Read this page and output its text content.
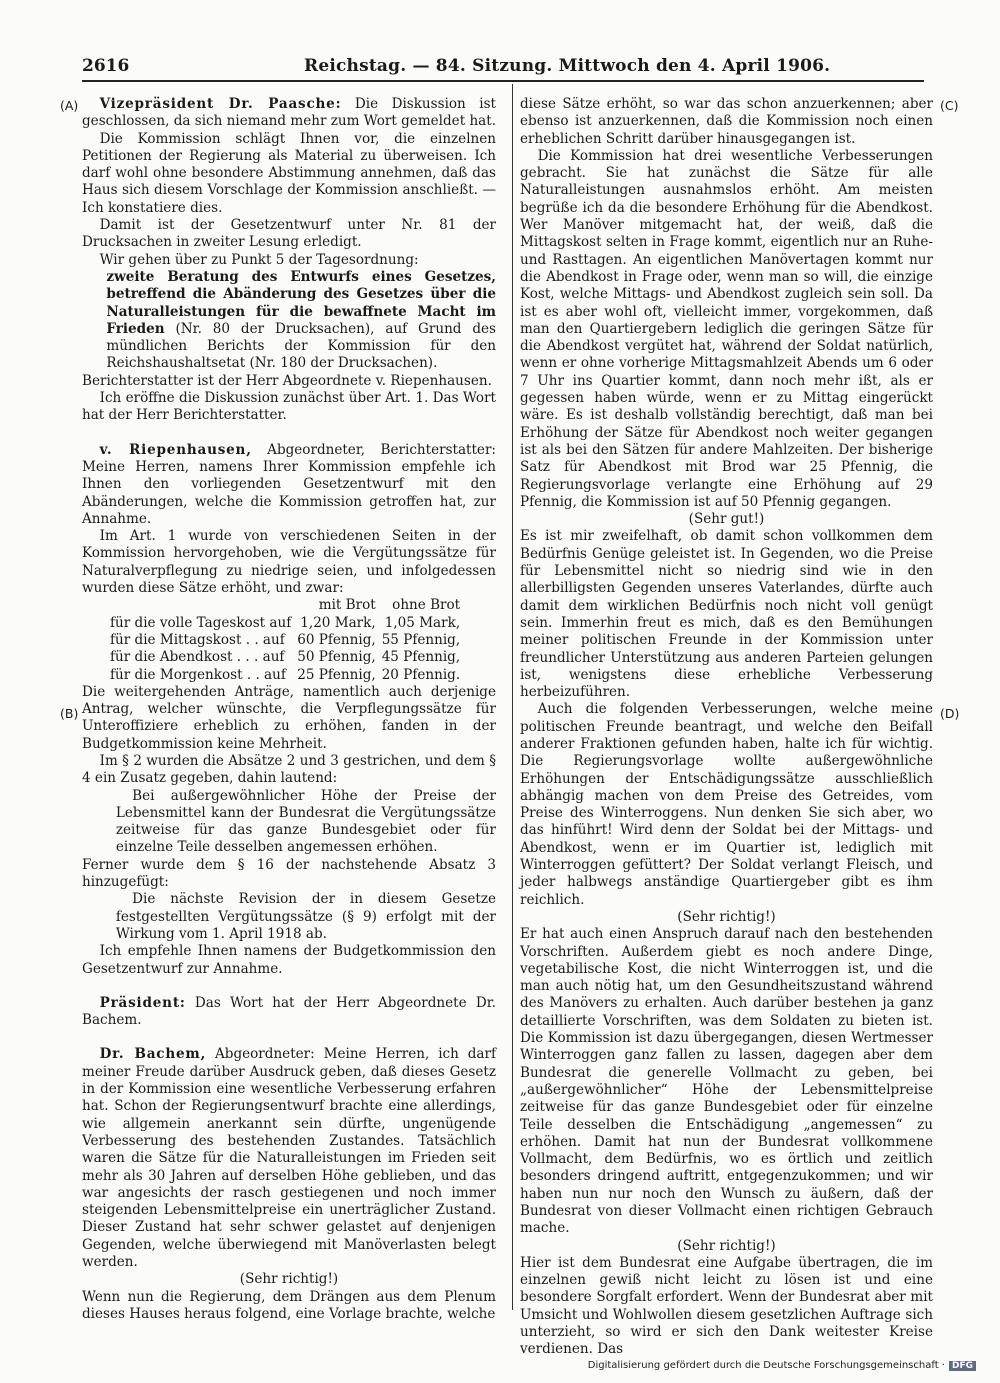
2616	Reichstag. — 84. Sitzung. Mittwoch den 4. April 1906.
(A)
(B)
(C)
(D)

Vizepräsident Dr. Paasche: Die Diskussion ist geschlossen, da sich niemand mehr zum Wort gemeldet hat.

Die Kommission schlägt Ihnen vor, die einzelnen Petitionen der Regierung als Material zu überweisen. Ich darf wohl ohne besondere Abstimmung annehmen, daß das Haus sich diesem Vorschlage der Kommission anschließt. — Ich konstatiere dies.

Damit ist der Gesetzentwurf unter Nr. 81 der Drucksachen in zweiter Lesung erledigt.

Wir gehen über zu Punkt 5 der Tagesordnung:

zweite Beratung des Entwurfs eines Gesetzes, betreffend die Abänderung des Gesetzes über die Naturalleistungen für die bewaffnete Macht im Frieden (Nr. 80 der Drucksachen), auf Grund des mündlichen Berichts der Kommission für den Reichshaushaltsetat (Nr. 180 der Drucksachen).

Berichterstatter ist der Herr Abgeordnete v. Riepenhausen.

Ich eröffne die Diskussion zunächst über Art. 1. Das Wort hat der Herr Berichterstatter.

v. Riepenhausen, Abgeordneter, Berichterstatter: Meine Herren, namens Ihrer Kommission empfehle ich Ihnen den vorliegenden Gesetzentwurf mit den Abänderungen, welche die Kommission getroffen hat, zur Annahme.

Im Art. 1 wurde von verschiedenen Seiten in der Kommission hervorgehoben, wie die Vergütungssätze für Naturalverpflegung zu niedrige seien, und infolgedessen wurden diese Sätze erhöht, und zwar:

	mit Brot	ohne Brot
für die volle Tageskost auf	1,20 Mark,	1,05 Mark,
für die Mittagskost . . auf	60 Pfennig,	55 Pfennig,
für die Abendkost . . . auf	50 Pfennig,	45 Pfennig,
für die Morgenkost . . auf	25 Pfennig,	20 Pfennig.

Die weitergehenden Anträge, namentlich auch derjenige Antrag, welcher wünschte, die Verpflegungssätze für Unteroffiziere erheblich zu erhöhen, fanden in der Budgetkommission keine Mehrheit.

Im § 2 wurden die Absätze 2 und 3 gestrichen, und dem § 4 ein Zusatz gegeben, dahin lautend:

Bei außergewöhnlicher Höhe der Preise der Lebensmittel kann der Bundesrat die Vergütungssätze zeitweise für das ganze Bundesgebiet oder für einzelne Teile desselben angemessen erhöhen.

Ferner wurde dem § 16 der nachstehende Absatz 3 hinzugefügt:

Die nächste Revision der in diesem Gesetze festgestellten Vergütungssätze (§ 9) erfolgt mit der Wirkung vom 1. April 1918 ab.

Ich empfehle Ihnen namens der Budgetkommission den Gesetzentwurf zur Annahme.

Präsident: Das Wort hat der Herr Abgeordnete Dr. Bachem.

Dr. Bachem, Abgeordneter: Meine Herren, ich darf meiner Freude darüber Ausdruck geben, daß dieses Gesetz in der Kommission eine wesentliche Verbesserung erfahren hat. Schon der Regierungsentwurf brachte eine allerdings, wie allgemein anerkannt sein dürfte, ungenügende Verbesserung des bestehenden Zustandes. Tatsächlich waren die Sätze für die Naturalleistungen im Frieden seit mehr als 30 Jahren auf derselben Höhe geblieben, und das war angesichts der rasch gestiegenen und noch immer steigenden Lebensmittelpreise ein unerträglicher Zustand. Dieser Zustand hat sehr schwer gelastet auf denjenigen Gegenden, welche überwiegend mit Manöverlasten belegt werden.

(Sehr richtig!)

Wenn nun die Regierung, dem Drängen aus dem Plenum dieses Hauses heraus folgend, eine Vorlage brachte, welche

diese Sätze erhöht, so war das schon anzuerkennen; aber ebenso ist anzuerkennen, daß die Kommission noch einen erheblichen Schritt darüber hinausgegangen ist.

Die Kommission hat drei wesentliche Verbesserungen gebracht. Sie hat zunächst die Sätze für alle Naturalleistungen ausnahmslos erhöht. Am meisten begrüße ich da die besondere Erhöhung für die Abendkost. Wer Manöver mitgemacht hat, der weiß, daß die Mittagskost selten in Frage kommt, eigentlich nur an Ruhe- und Rasttagen. An eigentlichen Manövertagen kommt nur die Abendkost in Frage oder, wenn man so will, die einzige Kost, welche Mittags- und Abendkost zugleich sein soll. Da ist es aber wohl oft, vielleicht immer, vorgekommen, daß man den Quartiergebern lediglich die geringen Sätze für die Abendkost vergütet hat, während der Soldat natürlich, wenn er ohne vorherige Mittagsmahlzeit Abends um 6 oder 7 Uhr ins Quartier kommt, dann noch mehr ißt, als er gegessen haben würde, wenn er zu Mittag eingerückt wäre. Es ist deshalb vollständig berechtigt, daß man bei Erhöhung der Sätze für Abendkost noch weiter gegangen ist als bei den Sätzen für andere Mahlzeiten. Der bisherige Satz für Abendkost mit Brod war 25 Pfennig, die Regierungsvorlage verlangte eine Erhöhung auf 29 Pfennig, die Kommission ist auf 50 Pfennig gegangen.

(Sehr gut!)

Es ist mir zweifelhaft, ob damit schon vollkommen dem Bedürfnis Genüge geleistet ist. In Gegenden, wo die Preise für Lebensmittel nicht so niedrig sind wie in den allerbilligsten Gegenden unseres Vaterlandes, dürfte auch damit dem wirklichen Bedürfnis noch nicht voll genügt sein. Immerhin freut es mich, daß es den Bemühungen meiner politischen Freunde in der Kommission unter freundlicher Unterstützung aus anderen Parteien gelungen ist, wenigstens diese erhebliche Verbesserung herbeizuführen.

Auch die folgenden Verbesserungen, welche meine politischen Freunde beantragt, und welche den Beifall anderer Fraktionen gefunden haben, halte ich für wichtig. Die Regierungsvorlage wollte außergewöhnliche Erhöhungen der Entschädigungssätze ausschließlich abhängig machen von dem Preise des Getreides, vom Preise des Winterroggens. Nun denken Sie sich aber, wo das hinführt! Wird denn der Soldat bei der Mittags- und Abendkost, wenn er im Quartier ist, lediglich mit Winterroggen gefüttert? Der Soldat verlangt Fleisch, und jeder halbwegs anständige Quartiergeber gibt es ihm reichlich.

(Sehr richtig!)

Er hat auch einen Anspruch darauf nach den bestehenden Vorschriften. Außerdem giebt es noch andere Dinge, vegetabilische Kost, die nicht Winterroggen ist, und die man auch nötig hat, um den Gesundheitszustand während des Manövers zu erhalten. Auch darüber bestehen ja ganz detaillierte Vorschriften, was dem Soldaten zu bieten ist. Die Kommission ist dazu übergegangen, diesen Wertmesser Winterroggen ganz fallen zu lassen, dagegen aber dem Bundesrat die generelle Vollmacht zu geben, bei „außergewöhnlicher“ Höhe der Lebensmittelpreise zeitweise für das ganze Bundesgebiet oder für einzelne Teile desselben die Entschädigung „angemessen“ zu erhöhen. Damit hat nun der Bundesrat vollkommene Vollmacht, dem Bedürfnis, wo es örtlich und zeitlich besonders dringend auftritt, entgegenzukommen; und wir haben nun nur noch den Wunsch zu äußern, daß der Bundesrat von dieser Vollmacht einen richtigen Gebrauch mache.

(Sehr richtig!)

Hier ist dem Bundesrat eine Aufgabe übertragen, die im einzelnen gewiß nicht leicht zu lösen ist und eine besondere Sorgfalt erfordert. Wenn der Bundesrat aber mit Umsicht und Wohlwollen diesem gesetzlichen Auftrage sich unterzieht, so wird er sich den Dank weitester Kreise verdienen. Das

Digitalisierung gefördert durch die Deutsche Forschungsgemeinschaft · DFG
